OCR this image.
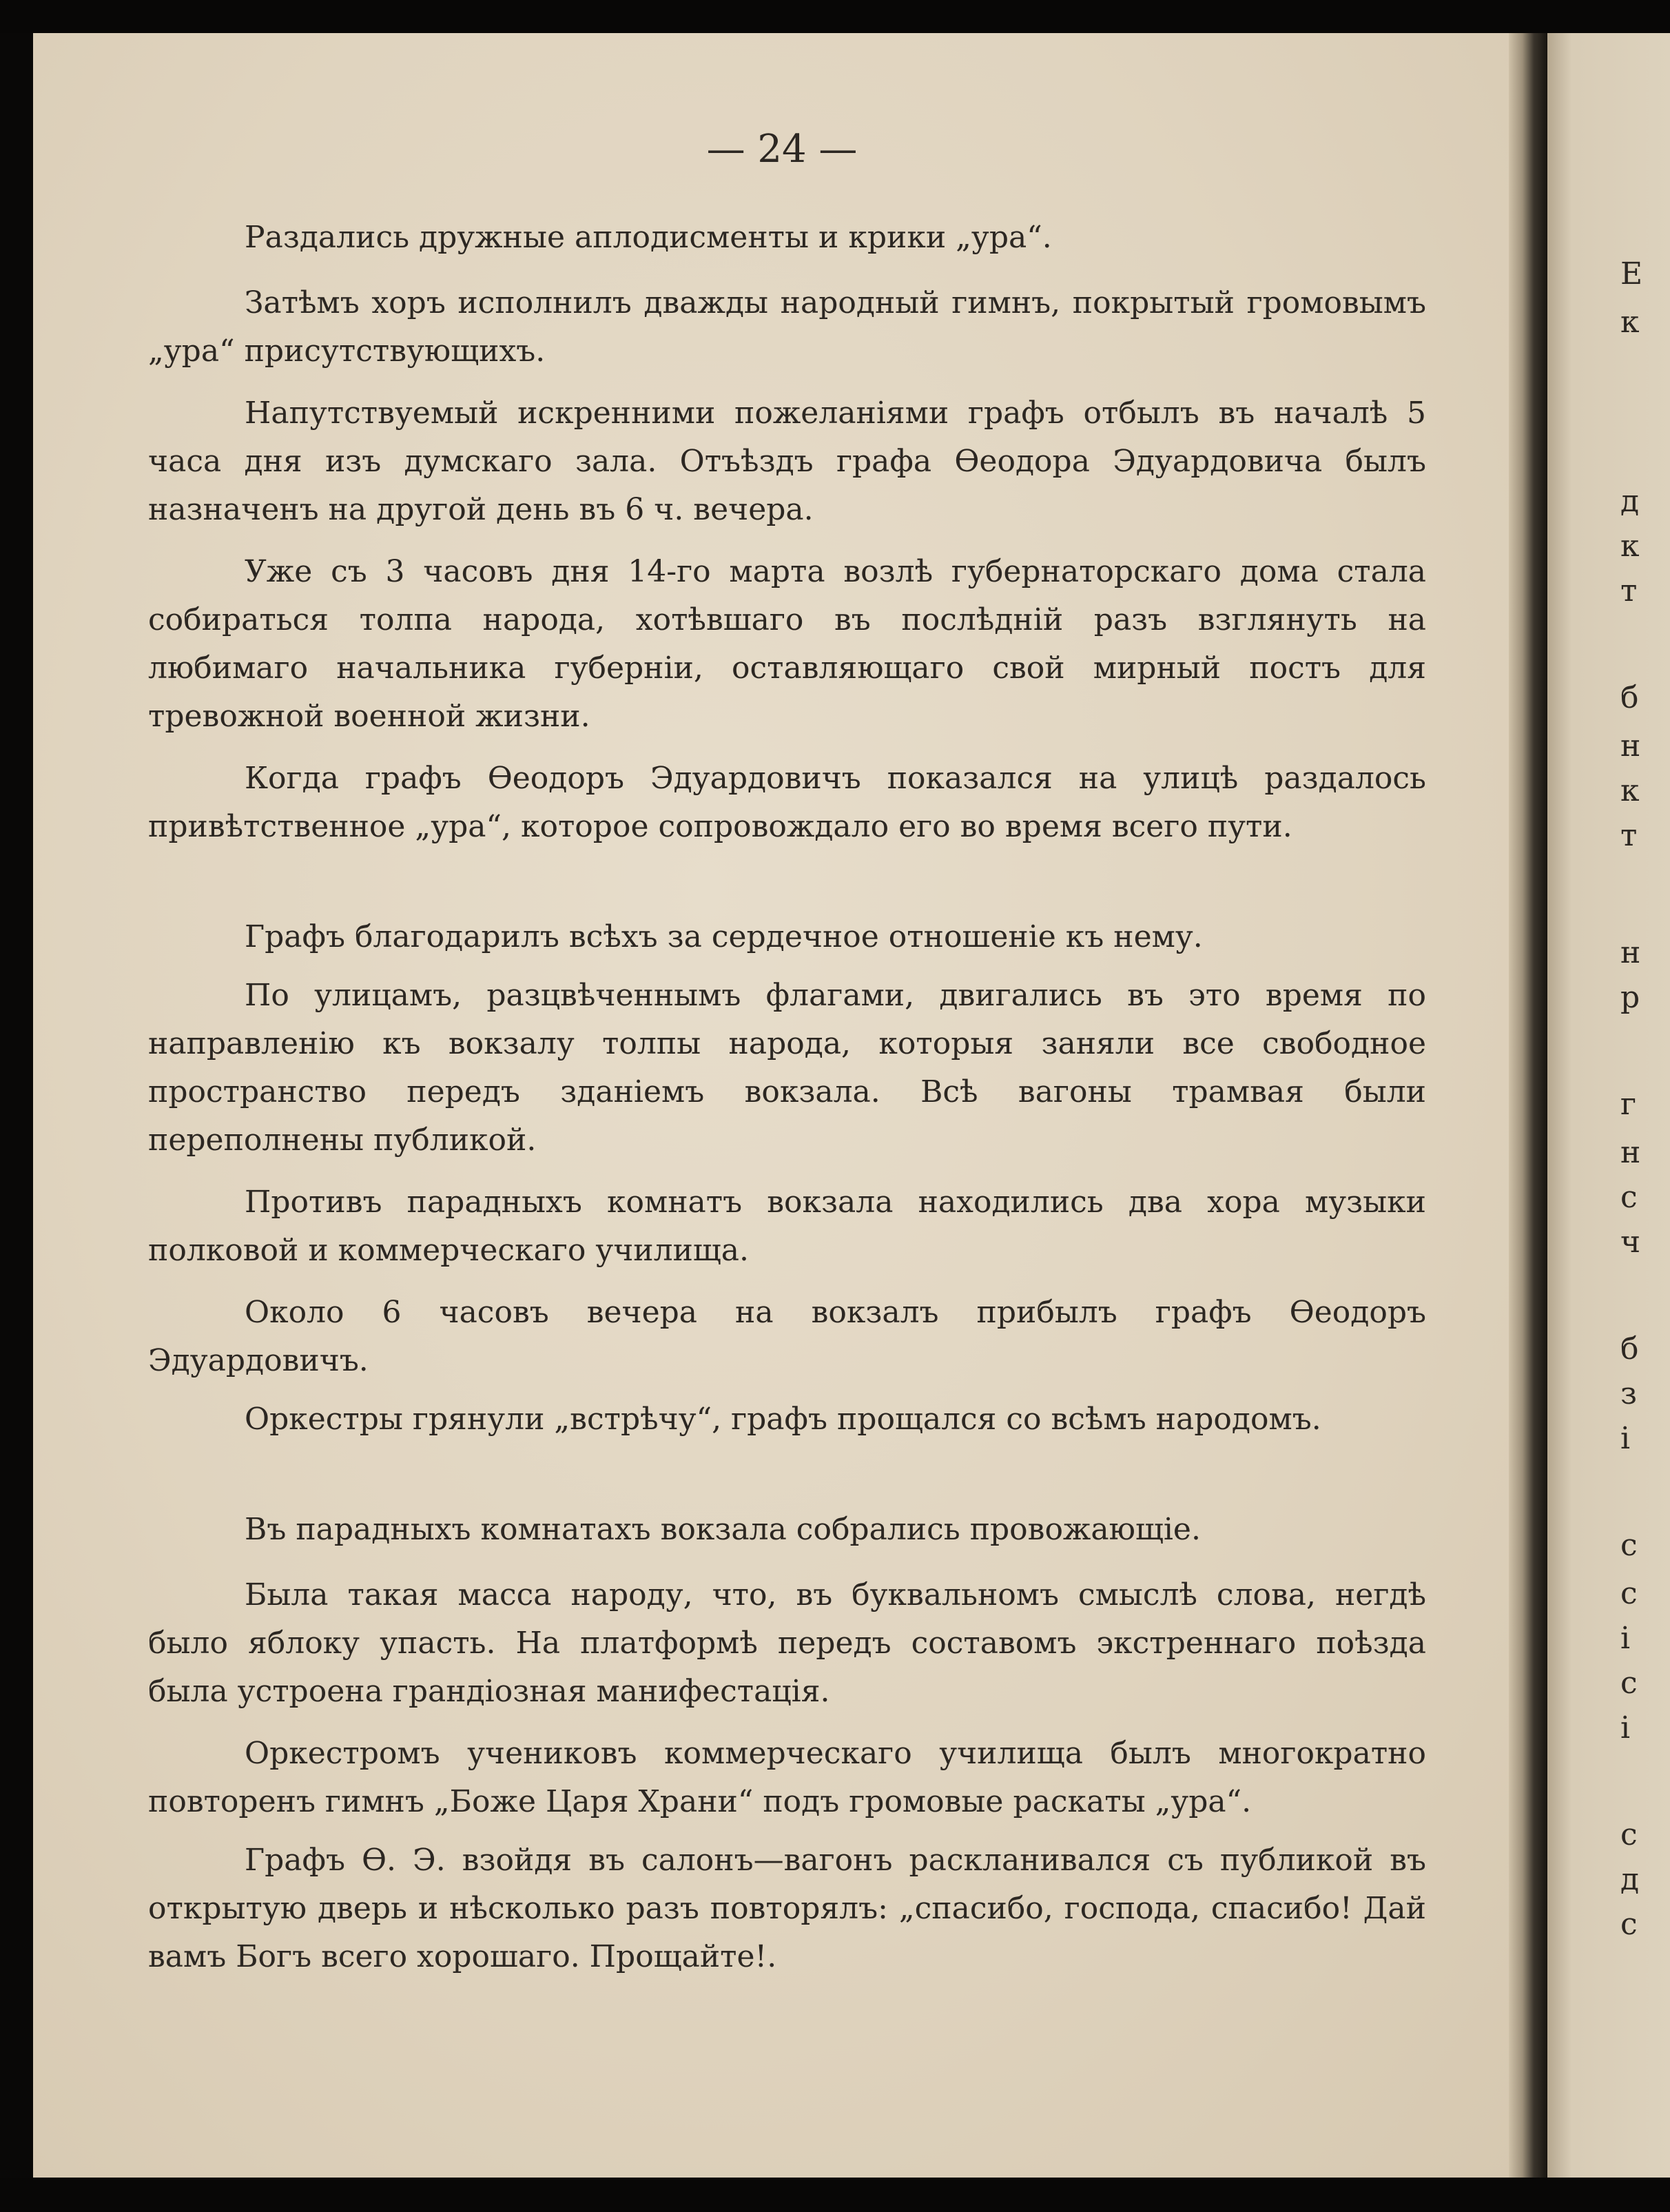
— 24 —

Раздались дружные аплодисменты и крики „ура“.

Затѣмъ хоръ исполнилъ дважды народный гимнъ, покрытый громовымъ „ура“ присутствующихъ.

Напутствуемый искренними пожеланіями графъ отбылъ въ началѣ 5 часа дня изъ думскаго зала. Отъѣздъ графа Ѳеодора Эдуардовича былъ назначенъ на другой день въ 6 ч. вечера.

Уже съ 3 часовъ дня 14-го марта возлѣ губернаторскаго дома стала собираться толпа народа, хотѣвшаго въ послѣдній разъ взглянуть на любимаго начальника губерніи, оставляющаго свой мирный постъ для тревожной военной жизни.

Когда графъ Ѳеодоръ Эдуардовичъ показался на улицѣ раздалось привѣтственное „ура“, которое сопровождало его во время всего пути.

Графъ благодарилъ всѣхъ за сердечное отношеніе къ нему.

По улицамъ, разцвѣченнымъ флагами, двигались въ это время по направленію къ вокзалу толпы народа, которыя заняли все свободное пространство передъ зданіемъ вокзала. Всѣ вагоны трамвая были переполнены публикой.

Противъ парадныхъ комнатъ вокзала находились два хора музыки полковой и коммерческаго училища.

Около 6 часовъ вечера на вокзалъ прибылъ графъ Ѳеодоръ Эдуардовичъ.

Оркестры грянули „встрѣчу“, графъ прощался со всѣмъ народомъ.

Въ парадныхъ комнатахъ вокзала собрались провожающіе.

Была такая масса народу, что, въ буквальномъ смыслѣ слова, негдѣ было яблоку упасть. На платформѣ передъ составомъ экстреннаго поѣзда была устроена грандіозная манифестація.

Оркестромъ учениковъ коммерческаго училища былъ многократно повторенъ гимнъ „Боже Царя Храни“ подъ громовые раскаты „ура“.

Графъ Ѳ. Э. взойдя въ салонъ—вагонъ раскланивался съ публикой въ открытую дверь и нѣсколько разъ повторялъ: „спасибо, господа, спасибо! Дай вамъ Богъ всего хорошаго. Прощайте!.

Е
к
д
к
т
б
н
к
т
н
р
г
н
с
ч
б
з
і
с
с
і
с
і
с
д
с
